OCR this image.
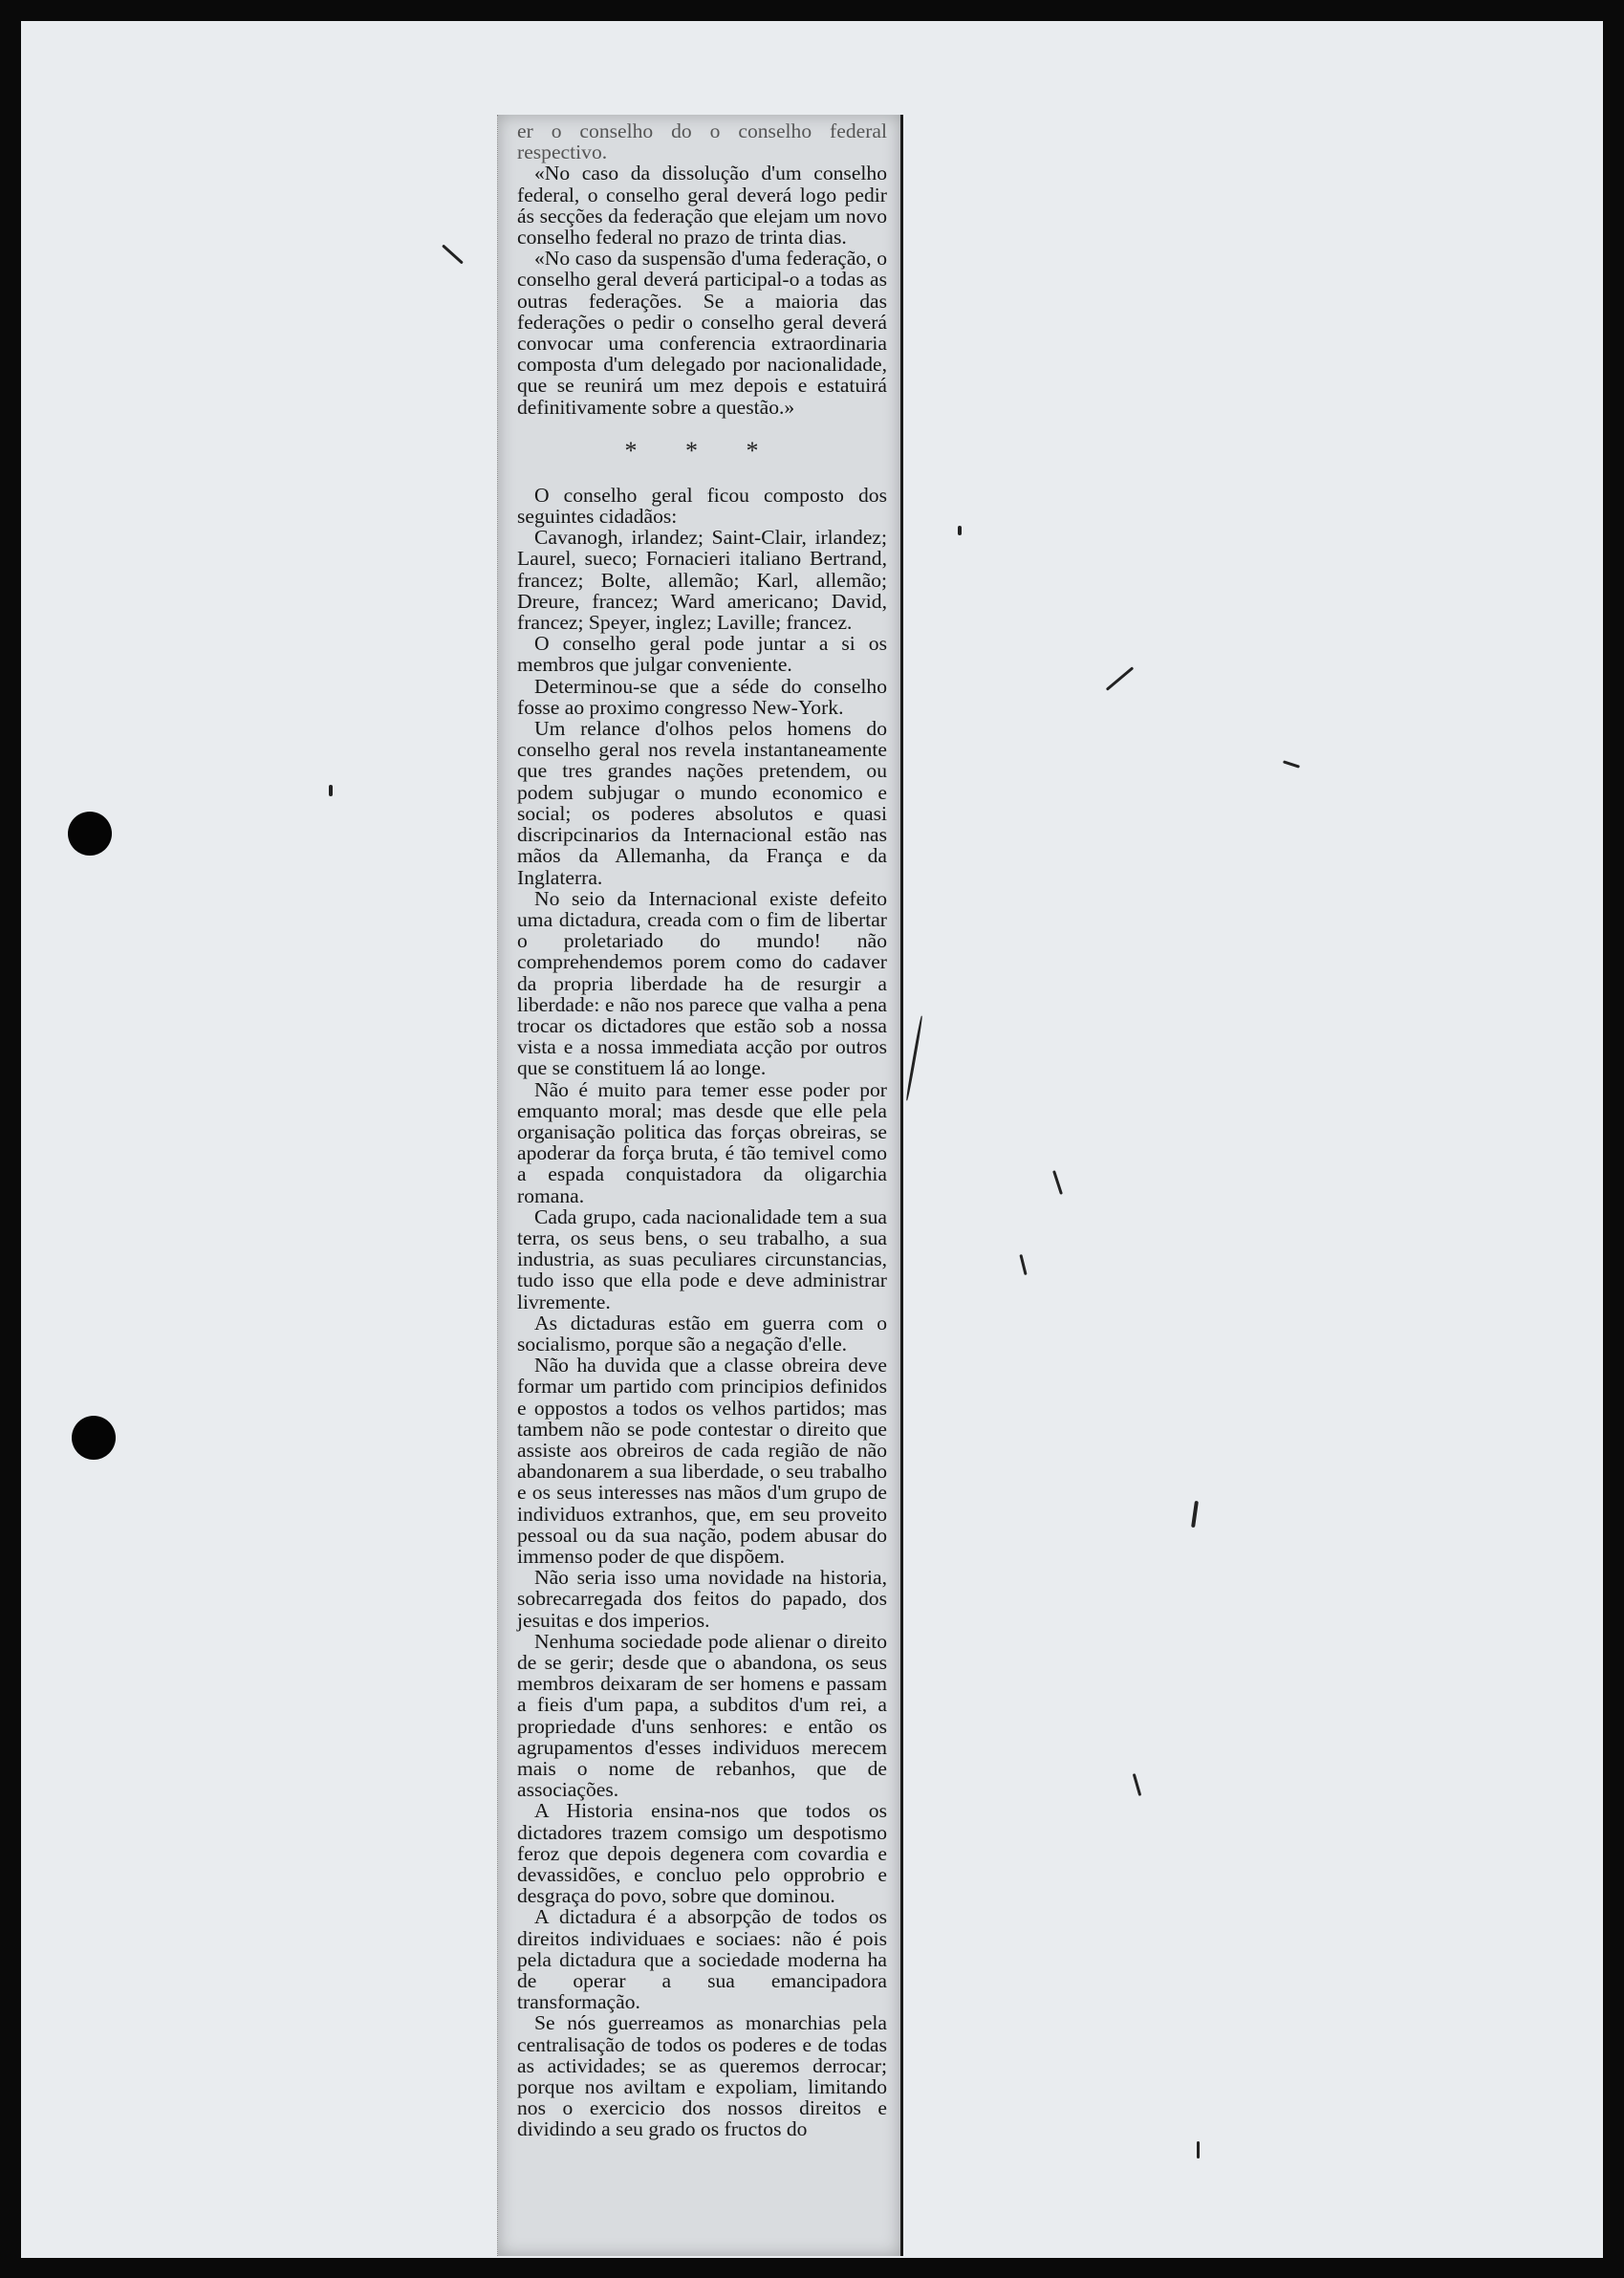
er o conselho do o conselho federal respectivo.

«No caso da dissolução d'um conselho federal, o conselho geral deverá logo pedir ás secções da federação que elejam um novo conselho federal no prazo de trinta dias.

«No caso da suspensão d'uma federação, o conselho geral deverá participal-o a todas as outras federações. Se a maioria das federações o pedir o conselho geral deverá convocar uma conferencia extraordinaria composta d'um delegado por nacionalidade, que se reunirá um mez depois e estatuirá definitivamente sobre a questão.»

* * *

O conselho geral ficou composto dos seguintes cidadãos:

Cavanogh, irlandez; Saint-Clair, irlandez; Laurel, sueco; Fornacieri italiano Bertrand, francez; Bolte, allemão; Karl, allemão; Dreure, francez; Ward americano; David, francez; Speyer, inglez; Laville; francez.

O conselho geral pode juntar a si os membros que julgar conveniente.

Determinou-se que a séde do conselho fosse ao proximo congresso New-York.

Um relance d'olhos pelos homens do conselho geral nos revela instantaneamente que tres grandes nações pretendem, ou podem subjugar o mundo economico e social; os poderes absolutos e quasi discripcinarios da Internacional estão nas mãos da Allemanha, da França e da Inglaterra.

No seio da Internacional existe defeito uma dictadura, creada com o fim de libertar o proletariado do mundo! não comprehendemos porem como do cadaver da propria liberdade ha de resurgir a liberdade: e não nos parece que valha a pena trocar os dictadores que estão sob a nossa vista e a nossa immediata acção por outros que se constituem lá ao longe.

Não é muito para temer esse poder por emquanto moral; mas desde que elle pela organisação politica das forças obreiras, se apoderar da força bruta, é tão temivel como a espada conquistadora da oligarchia romana.

Cada grupo, cada nacionalidade tem a sua terra, os seus bens, o seu trabalho, a sua industria, as suas peculiares circunstancias, tudo isso que ella pode e deve administrar livremente.

As dictaduras estão em guerra com o socialismo, porque são a negação d'elle.

Não ha duvida que a classe obreira deve formar um partido com principios definidos e oppostos a todos os velhos partidos; mas tambem não se pode contestar o direito que assiste aos obreiros de cada região de não abandonarem a sua liberdade, o seu trabalho e os seus interesses nas mãos d'um grupo de individuos extranhos, que, em seu proveito pessoal ou da sua nação, podem abusar do immenso poder de que dispõem.

Não seria isso uma novidade na historia, sobrecarregada dos feitos do papado, dos jesuitas e dos imperios.

Nenhuma sociedade pode alienar o direito de se gerir; desde que o abandona, os seus membros deixaram de ser homens e passam a fieis d'um papa, a subditos d'um rei, a propriedade d'uns senhores: e então os agrupamentos d'esses individuos merecem mais o nome de rebanhos, que de associações.

A Historia ensina-nos que todos os dictadores trazem comsigo um despotismo feroz que depois degenera com covardia e devassidões, e concluo pelo opprobrio e desgraça do povo, sobre que dominou.

A dictadura é a absorpção de todos os direitos individuaes e sociaes: não é pois pela dictadura que a sociedade moderna ha de operar a sua emancipadora transformação.

Se nós guerreamos as monarchias pela centralisação de todos os poderes e de todas as actividades; se as queremos derrocar; porque nos aviltam e expoliam, limitando nos o exercicio dos nossos direitos e dividindo a seu grado os fructos do
